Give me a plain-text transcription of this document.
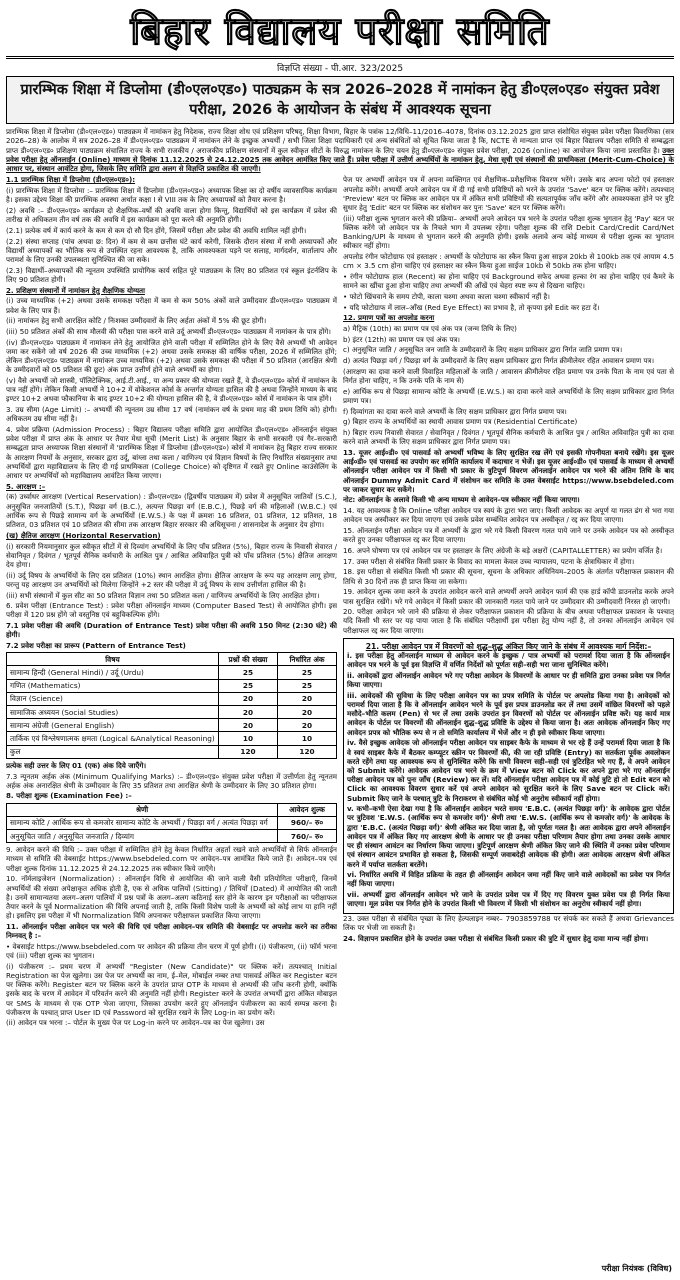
बिहार विद्यालय परीक्षा समिति
विज्ञप्ति संख्या - पी.आर. 323/2025
प्रारम्भिक शिक्षा में डिप्लोमा (डी०एल०एड०) पाठ्यक्रम के सत्र 2026–2028 में नामांकन हेतु डी०एल०एड० संयुक्त प्रवेश परीक्षा, 2026 के आयोजन के संबंध में आवश्यक सूचना
प्रारम्भिक शिक्षा में डिप्लोमा (डी०एल०एड०) पाठ्यक्रम में नामांकन हेतु निदेशक, राज्य शिक्षा शोध एवं प्रशिक्षण परिषद्, शिक्षा विभाग, बिहार के पत्रांक 12/विधि–11/2016–4078, दिनांक 03.12.2025 द्वारा प्राप्त संशोधित संयुक्त प्रवेश परीक्षा विवरणिका (सत्र 2026–28) के आलोक में सत्र 2026–28 में डी०एल०एड० पाठ्यक्रम में नामांकन लेने के इच्छुक अभ्यर्थी / सभी जिला शिक्षा पदाधिकारी एवं अन्य संबंधितों को सूचित किया जाता है कि, NCTE से मान्यता प्राप्त एवं बिहार विद्यालय परीक्षा समिति से सम्बद्धता प्राप्त डी०एल०एड० प्रशिक्षण पाठ्यक्रम संचालित राज्य के सभी राजकीय / अराजकीय प्रशिक्षण संस्थानों में कुल स्वीकृत सीटों के विरुद्ध नामांकन के लिए चयन हेतु डी०एल०एड० संयुक्त प्रवेश परीक्षा, 2026 (online) का आयोजन किया जाना प्रस्तावित है। उक्त प्रवेश परीक्षा हेतु ऑनलाईन (Online) माध्यम से दिनांक 11.12.2025 से 24.12.2025 तक आवेदन आमंत्रित किए जाते हैं। प्रवेश परीक्षा में उत्तीर्ण अभ्यर्थियों के नामांकन हेतु, मेधा सूची एवं संस्थानों की प्राथमिकता (Merit-Cum-Choice) के आधार पर, संस्थान आवंटित होगा, जिसके लिए समिति द्वारा अलग से विज्ञप्ति प्रकाशित की जाएगी।

1.1 प्रारम्भिक शिक्षा में डिप्लोमा (डी०एल०एड०):

(i) प्रारम्भिक शिक्षा में डिप्लोमा :– प्रारम्भिक शिक्षा में डिप्लोमा (डी०एल०एड०) अध्यापक शिक्षा का दो वर्षीय व्यावसायिक कार्यक्रम है। इसका उद्देश्य शिक्षा की प्रारम्भिक अवस्था अर्थात कक्षा I से VIII तक के लिए अध्यापकों को तैयार करना है।

(2) अवधि :– डी०एल०एड० कार्यक्रम दो शैक्षणिक–वर्षों की अवधि वाला होगा किन्तु, विद्यार्थियों को इस कार्यक्रम में प्रवेश की तारीख से अधिकतम तीन वर्ष तक की अवधि में इस कार्यक्रम को पूरा करने की अनुमति होगी।

(2.1) प्रत्येक वर्ष में कार्य करने के कम से कम दो सौ दिन होंगे, जिसमें परीक्षा और प्रवेश की अवधि शामिल नहीं होगी।

(2.2) संस्था सप्ताह (पांच अथवा छ: दिन) में कम से कम छत्तीस घंटे कार्य करेगी, जिसके दौरान संस्था में सभी अध्यापकों और विद्यार्थी अध्यापकों का भौतिक रूप से उपस्थित रहना आवश्यक है, ताकि आवश्यकता पड़ने पर सलाह, मार्गदर्शन, वार्तालाप और परामर्श के लिए उनकी उपलब्धता सुनिश्चित की जा सके।

(2.3) विद्यार्थी–अध्यापकों की न्यूनतम उपस्थिति प्रायोगिक कार्य सहित पूरे पाठ्यक्रम के लिए 80 प्रतिशत एवं स्कूल इंटर्नशिप के लिए 90 प्रतिशत होगी।

2. प्रशिक्षण संस्थानों में नामांकन हेतु शैक्षणिक योग्यता

(i) उच्च माध्यमिक (+2) अथवा उसके समकक्ष परीक्षा में कम से कम 50% अंकों वाले उम्मीदवार डी०एल०एड० पाठ्यक्रम में प्रवेश के लिए पात्र हैं।

(ii) नामांकन हेतु सभी आरक्षित कोटि / निःशक्त उम्मीदवारों के लिए अर्हता अंकों में 5% की छूट होगी।

(iii) 50 प्रतिशत अंकों की साथ मौलवी की परीक्षा पास करने वाले उर्दू अभ्यर्थी डी०एल०एड० पाठ्यक्रम में नामांकन के पात्र होंगे।

(iv) डी०एल०एड० पाठ्यक्रम में नामांकन लेने हेतु आयोजित होने वाली परीक्षा में सम्मिलित होने के लिए वैसे अभ्यर्थी भी आवेदन जमा कर सकेंगे जो वर्ष 2026 की उच्च माध्यमिक (+2) अथवा उसके समकक्ष की वार्षिक परीक्षा, 2026 में सम्मिलित होंगे; लेकिन डी०एल०एड० पाठ्यक्रम में नामांकन उच्च माध्यमिक (+2) अथवा उसके समकक्ष की परीक्षा में 50 प्रतिशत (आरक्षित श्रेणी के उम्मीदवारों को 05 प्रतिशत की छूट) अंक प्राप्त उत्तीर्ण होने वाले अभ्यर्थी का होगा।

(v) वैसे अभ्यर्थी जो शास्त्री, पॉलिटेक्निक, आई.टी.आई., या अन्य प्रकार की योग्यता रखते हैं, वे डी०एल०एड० कोर्स में नामांकन के पात्र नहीं होंगे। लेकिन किसी अभ्यर्थी ने 10+2 में वोकेशनल कोर्स के अन्तर्गत योग्यता हासिल की है अथवा जिन्होंने माध्यम के बाद इण्टर 10+2 अथवा फौकानिया के बाद इण्टर 10+2 की योग्यता हासिल की है, वे डी०एल०एड० कोर्स में नामांकन के पात्र होंगे।

3. उम्र सीमा (Age Limit) :– अभ्यर्थी की न्यूनतम उम्र सीमा 17 वर्ष (नामांकन वर्ष के प्रथम माह की प्रथम तिथि को) होगी। अधिकतम उम्र सीमा नहीं है।

4. प्रवेश प्रक्रिया (Admission Process) : बिहार विद्यालय परीक्षा समिति द्वारा आयोजित डी०एल०एड० ऑनलाईन संयुक्त प्रवेश परीक्षा में प्राप्त अंक के आधार पर तैयार मेधा सूची (Merit List) के अनुसार बिहार के सभी सरकारी एवं गैर–सरकारी सम्बद्धता प्राप्त अध्यापक शिक्षा संस्थानों में 'प्रारम्भिक शिक्षा में डिप्लोमा (डी०एल०एड०) कोर्स में नामांकन हेतु बिहार राज्य सरकार के आरक्षण नियमों के अनुसार, सरकार द्वारा उर्दू, बांग्ला तथा कला / वाणिज्य एवं विज्ञान विषयों के लिए निर्धारित संख्यानुसार तथा अभ्यर्थियों द्वारा महाविद्यालय के लिए दी गई प्राथमिकता (College Choice) को दृष्टिगत में रखते हुए Online काउंसेलिंग के आधार पर अभ्यर्थियों को महाविद्यालय आवंटित किया जाएगा।

5. आरक्षण :–

(क) उर्ध्वाधर आरक्षण (Vertical Reservation) : डी०एल०एड० (द्विवर्षीय पाठ्यक्रम में) प्रवेश में अनुसूचित जातियों (S.C.), अनुसूचित जनजातियों (S.T.), पिछड़ा वर्ग (B.C.), अत्यन्त पिछड़ा वर्ग (E.B.C.), पिछड़े वर्ग की महिलाओं (W.B.C.) एवं आर्थिक रूप से पिछड़े सामान्य वर्ग के अभ्यर्थियों (E.W.S.) के पक्ष में क्रमशः 16 प्रतिशत, 01 प्रतिशत, 12 प्रतिशत, 18 प्रतिशत, 03 प्रतिशत एवं 10 प्रतिशत की सीमा तक आरक्षण बिहार सरकार की अधिसूचना / शासनादेश के अनुसार देय होगा।

(ख) क्षैतिज आरक्षण (Horizontal Reservation)

(i) सरकारी नियमानुसार कुल स्वीकृत सीटों में से दिव्यांग अभ्यर्थियों के लिए पाँच प्रतिशत (5%), बिहार राज्य के निवासी सेवारत / सेवानिवृत / दिवंगत / भूतपूर्व सैनिक कर्मचारी के आश्रित पुत्र / आश्रित अविवाहित पुत्री को पाँच प्रतिशत (5%) क्षैतिज आरक्षण देय होगा।

(ii) उर्दू विषय के अभ्यर्थियों के लिए दस प्रतिशत (10%) स्थान आरक्षित होगा। क्षैतिज आरक्षण के रूप यह आरक्षण लागू होगा, परन्तु यह आरक्षण उन अभ्यर्थियों को मिलेगा जिन्होंने +2 स्तर की परीक्षा में उर्दू विषय के साथ उत्तीर्णता हासिल की है।

(iii) सभी संस्थानों में कुल सीट का 50 प्रतिशत विज्ञान तथा 50 प्रतिशत कला / वाणिज्य अभ्यर्थियों के लिए आरक्षित होगा।

6. प्रवेश परीक्षा (Entrance Test) : प्रवेश परीक्षा ऑनलाईन माध्यम (Computer Based Test) से आयोजित होगी। इस परीक्षा में 120 प्रश्न होंगे जो वस्तुनिष्ठ एवं बहुविकल्पिक होंगे।

7.1 प्रवेश परीक्षा की अवधि (Duration of Entrance Test) प्रवेश परीक्षा की अवधि 150 मिनट (2:30 घंटे) की होगी।

7.2 प्रवेश परीक्षा का प्रारूप (Pattern of Entrance Test)

विषय	प्रश्नों की संख्या	निर्धारित अंक
सामान्य हिन्दी (General Hindi) / उर्दू (Urdu)	25	25
गणित (Mathematics)	25	25
विज्ञान (Science)	20	20
सामाजिक अध्ययन (Social Studies)	20	20
सामान्य अंग्रेजी (General English)	20	20
तार्किक एवं विश्लेषणात्मक क्षमता (Logical &Analytical Reasoning)	10	10
कुल	120	120

प्रत्येक सही उत्तर के लिए 01 (एक) अंक दिये जाएँगे।

7.3 न्यूनतम अर्हक अंक (Minimum Qualifying Marks) :– डी०एल०एड० संयुक्त प्रवेश परीक्षा में उत्तीर्णता हेतु न्यूनतम अर्हक अंक अनारक्षित श्रेणी के उम्मीदवार के लिए 35 प्रतिशत तथा आरक्षित श्रेणी के उम्मीदवार के लिए 30 प्रतिशत होगा।

8. परीक्षा शुल्क (Examination Fee) :–

श्रेणी	आवेदन शुल्क
सामान्य कोटि / आर्थिक रूप से कमजोर सामान्य कोटि के अभ्यर्थी / पिछड़ा वर्ग / अत्यंत पिछड़ा वर्ग	960/– रु०
अनुसूचित जाति / अनुसूचित जनजाति / दिव्यांग	760/– रु०

9. आवेदन करने की विधि :– उक्त परीक्षा में सम्मिलित होने हेतु केवल निर्धारित अहर्ता रखने वाले अभ्यर्थियों से सिर्फ ऑनलाईन माध्यम से समिति की वेबसाईट https://www.bsebdeled.com पर आवेदन–पत्र आमंत्रित किये जाते हैं। आवेदन–पत्र एवं परीक्षा शुल्क दिनांक 11.12.2025 से 24.12.2025 तक स्वीकार किये जाएँगे।

10. नॉर्मलाइजेशन (Normalization) : ऑनलाईन विधि से आयोजित की जाने वाली वैसी प्रतियोगिता परीक्षाएँ, जिनमें अभ्यर्थियों की संख्या अपेक्षाकृत अधिक होती है, एक से अधिक पालियों (Sitting) / तिथियों (Dated) में आयोजित की जाती है। उनमें सामान्यतया अलग–अलग पालियों में प्रश्न पत्रों के अलग–अलग कठिनाई स्तर होने के कारण इन परीक्षाओं का परीक्षाफल तैयार करने के पूर्व Normalization की विधि अपनाई जाती है, ताकि किसी विशेष पाली के अभ्यर्थी को कोई लाभ या हानि नहीं हो। इसलिए इस परीक्षा में भी Normalization विधि अपनाकर परीक्षाफल प्रकाशित किया जाएगा।

11. ऑनलाईन परीक्षा आवेदन पत्र भरने की विधि एवं परीक्षा आवेदन–पत्र समिति की वेबसाईट पर अपलोड करने का तरीका निम्नवत् है :–

• वेबसाईट https://www.bsebdeled.com पर आवेदन की प्रक्रिया तीन चरण में पूर्ण होगी। (i) पंजीकरण, (ii) फॉर्म भरना एवं (iii) परीक्षा शुल्क का भुगतान।

(i) पंजीकरण :– प्रथम चरण में अभ्यर्थी "Register (New Candidate)" पर क्लिक करें। तत्पश्चात् Initial Registration का पेज खुलेगा। उस पेज पर अभ्यर्थी का नाम, ई–मेल, मोबाईल नम्बर तथा पासवर्ड अंकित कर Register बटन पर क्लिक करेंगे। Register बटन पर क्लिक करने के उपरांत प्राप्त OTP के माध्यम से अभ्यर्थी की जाँच करनी होगी, क्योंकि इसके बाद के चरण में आवेदन में परिवर्तन करने की अनुमति नहीं होगी। Register करने के उपरांत अभ्यर्थी द्वारा अंकित मोबाइल पर SMS के माध्यम से एक OTP भेजा जाएगा, जिसका उपयोग करते हुए ऑनलाईन पंजीकरण का कार्य सम्पन्न करना है। पंजीकरण के पश्चात् प्राप्त User ID एवं Password को सुरक्षित रखने के लिए Log-in का प्रयोग करें।

(ii) आवेदन पत्र भरना :– पोर्टल के मुख्य पेज पर Log-in करने पर आवेदन–पत्र का पेज खुलेगा। उस

पेज पर अभ्यर्थी आवेदन पत्र में अपना व्यक्तिगत एवं शैक्षणिक–प्रशैक्षणिक विवरण भरेंगे। उसके बाद अपना फोटो एवं हस्ताक्षर अपलोड करेंगे। अभ्यर्थी अपने आवेदन पत्र में दी गई सभी प्रविष्टियों को भरने के उपरांत 'Save' बटन पर क्लिक करेंगे। तत्पश्चात् 'Preview' बटन पर क्लिक कर आवेदन पत्र में अंकित सभी प्रविष्टियों की सत्यतापूर्वक जाँच करेंगे और आवश्यकता होने पर त्रुटि सुधार हेतु 'Edit' बटन पर क्लिक कर संशोधन कर पुनः 'Save' बटन पर क्लिक करेंगे।

(iii) परीक्षा शुल्क भुगतान करने की प्रक्रिया– अभ्यर्थी अपने आवेदन पत्र भरने के उपरांत परीक्षा शुल्क भुगतान हेतु 'Pay' बटन पर क्लिक करेंगे जो आवेदन पत्र के निचले भाग में उपलब्ध रहेगा। परीक्षा शुल्क की राशि Debit Card/Credit Card/Net Banking/UPI के माध्यम से भुगतान करने की अनुमति होगी। इसके अलावे अन्य कोई माध्यम से परीक्षा शुल्क का भुगतान स्वीकार नहीं होगा।

अपलोड रंगीन फोटोग्राफ एवं हस्ताक्षर : अभ्यर्थी के फोटोग्राफ का स्कैन किया हुआ साइज 20kb से 100kb तक एवं आयाम 4.5 cm × 3.5 cm होना चाहिए एवं हस्ताक्षर का स्कैन किया हुआ साईज 10kb से 50kb तक होना चाहिए।

• रंगीन फोटोग्राफ हाल (Recent) का होना चाहिए एवं Background सफेद अथवा हल्का रंग का होना चाहिए एवं कैमरे के सामने का खींचा हुआ होना चाहिए तथा अभ्यर्थी की आँखें एवं चेहरा स्पष्ट रूप से दिखना चाहिए।

• फोटो खिंचवाने के समय टोपी, काला चश्मा अथवा काला चश्मा स्वीकार्य नहीं है।

• यदि फोटोग्राफ में लाल–आँख (Red Eye Effect) का प्रभाव है, तो कृपया इसे Edit कर हटा दें।

12. प्रमाण पत्रों का अपलोड करना

a) मैट्रिक (10th) का प्रमाण पत्र एवं अंक पत्र (जन्म तिथि के लिए)

b) इंटर (12th) का प्रमाण पत्र एवं अंक पत्र।

c) अनुसूचित जाति / अनुसूचित जन जाति के उम्मीदवारों के लिए सक्षम प्राधिकार द्वारा निर्गत जाति प्रमाण पत्र।

d) अत्यंत पिछड़ा वर्ग / पिछड़ा वर्ग के उम्मीदवारों के लिए सक्षम प्राधिकार द्वारा निर्गत क्रीमीलेयर रहित आवासन प्रमाण पत्र।

(आरक्षण का दावा करने वाली विवाहित महिलाओं के जाति / आवासन क्रीमीलेयर रहित प्रमाण पत्र उनके पिता के नाम एवं पता से निर्गत होना चाहिए, न कि उनके पति के नाम से)

e) आर्थिक रूप से पिछड़ा सामान्य कोटि के अभ्यर्थी (E.W.S.) का दावा करने वाले अभ्यर्थियों के लिए सक्षम प्राधिकार द्वारा निर्गत प्रमाण पत्र।

f) दिव्यांगता का दावा करने वाले अभ्यर्थी के लिए सक्षम प्राधिकार द्वारा निर्गत प्रमाण पत्र।

g) बिहार राज्य के अभ्यर्थियों का स्थायी आवास प्रमाण पत्र (Residential Certificate)

h) बिहार राज्य निवासी सेवारत / सेवानिवृत / दिवंगत / भूतपूर्व सैनिक कर्मचारी के आश्रित पुत्र / आश्रित अविवाहित पुत्री का दावा करने वाले अभ्यर्थी के लिए सक्षम प्राधिकार द्वारा निर्गत प्रमाण पत्र।

13. यूजर आई०डी० एवं पासवर्ड को अभ्यर्थी भविष्य के लिए सुरक्षित रख लेंगे एवं इसकी गोपनीयता बनाये रखेंगे। इस यूजर आई०डी० एवं पासवर्ड का उपयोग कर समिति कार्यालय में कदाचार न भेजें। इस यूजर आई०डी० एवं पासवर्ड के माध्यम से अभ्यर्थी ऑनलाईन परीक्षा आवेदन पत्र में किसी भी प्रकार के त्रुटिपूर्ण विवरण ऑनलाईन आवेदन पत्र भरने की अंतिम तिथि के बाद ऑनलाईन Dummy Admit Card में संशोधन कर समिति के उक्त वेबसाईट https://www.bsebdeled.com पर जाकर सुधार कर सकेंगे।

नोट: ऑनलाईन के अलावे किसी भी अन्य माध्यम से आवेदन–पत्र स्वीकार नहीं किया जाएगा।

14. यह आवश्यक है कि Online परीक्षा आवेदन पत्र स्वयं के द्वारा भरा जाए। किसी आवेदक का अपूर्ण या गलत ढंग से भरा गया आवेदन पत्र अस्वीकार कर दिया जाएगा एवं उसके प्रवेश सम्बंधित आवेदन पत्र अस्वीकृत / रद्द कर दिया जाएगा।

15. ऑनलाईन परीक्षा आवेदन पत्र में अभ्यर्थी के द्वारा भरे गये किसी विवरण गलत पाये जाने पर उनके आवेदन पत्र को अस्वीकृत करते हुए उनका परीक्षाफल रद्द कर दिया जाएगा।

16. अपने घोषणा पत्र एवं आवेदन पत्र पर हस्ताक्षर के लिए अंग्रेजी के बड़े अक्षरों (CAPITALLETTER) का प्रयोग वर्जित है।

17. उक्त परीक्षा से संबंधित किसी प्रकार के विवाद का मामला केवल उच्च न्यायालय, पटना के क्षेत्राधिकार में होगा।

18. इस परीक्षा से संबंधित किसी भी प्रकार की सूचना, सूचना के अधिकार अधिनियम–2005 के अंतर्गत परीक्षाफल प्रकाशन की तिथि से 30 दिनों तक ही प्राप्त किया जा सकेगा।

19. आवेदन शुल्क जमा करने के उपरांत आवेदन करने वाले अभ्यर्थी अपने आवेदन फार्म की एक हार्ड कॉपी डाउनलोड करके अपने पास सुरक्षित रखेंगे। भरे गये आवेदन में किसी प्रकार की जानकारी गलत पाये जाने पर उम्मीदवार की उम्मीदवारी निरस्त हो जाएगी।

20. परीक्षा आवेदन भरे जाने की प्रक्रिया से लेकर परीक्षाफल प्रकाशन की प्रक्रिया के बीच अथवा परीक्षाफल प्रकाशन के पश्चात् यदि किसी भी स्तर पर यह पाया जाता है कि संबंधित परीक्षार्थी इस परीक्षा हेतु योग्य नहीं है, तो उनका ऑनलाईन आवेदन एवं परीक्षाफल रद्द कर दिया जाएगा।

21. परीक्षा आवेदन पत्र में विवरणों को शुद्ध–शुद्ध अंकित किए जाने के संबंध में आवश्यक मार्ग निर्देश:–

i. इस परीक्षा हेतु ऑनलाईन माध्यम से आवेदन करने के इच्छुक / पात्र अभ्यर्थी को परामर्श दिया जाता है कि ऑनलाईन आवेदन पत्र भरने के पूर्व इस विज्ञप्ति में वर्णित निर्देशों को पूर्णतः सही–सही भरा जाना सुनिश्चित करेंगे।

ii. आवेदकों द्वारा ऑनलाईन आवेदन भरे गए परीक्षा आवेदन के विवरणों के आधार पर ही समिति द्वारा उनका प्रवेश पत्र निर्गत किया जाएगा।

iii. आवेदकों की सुविधा के लिए परीक्षा आवेदन पत्र का प्रपत्र समिति के पोर्टल पर अपलोड किया गया है। आवेदकों को परामर्श दिया जाता है कि वे ऑनलाईन आवेदन भरने के पूर्व इस प्रपत्र डाउनलोड कर लें तथा उसमें वांछित विवरणों को पहले मसौदे–भौति कलम (Pen) से भर लें तथा उसके उपरांत इन विवरणों को पोर्टल पर ऑनलाईन प्रविष्ट करें। यह कार्य मात्र आवेदन के पोर्टल पर विवरणों की ऑनलाईन शुद्ध–शुद्ध प्रविष्टि के उद्देश्य से किया जाना है। अतः आवेदक ऑनलाईन किए गए आवेदन प्रपत्र को भौतिक रूप से न तो समिति कार्यालय में भेजें और न ही इसे स्वीकार किया जाएगा।

iv. वैसे इच्छुक आवेदक जो ऑनलाईन परीक्षा आवेदन पत्र साइबर कैफे के माध्यम से भर रहे हैं उन्हें परामर्श दिया जाता है कि वे स्वयं साइबर कैफे में बैठकर कम्प्यूटर स्क्रीन पर विवरणों की, की जा रही प्रविष्टि (Entry) का सतर्कता पूर्वक अवलोकन करते रहेंगे तथा यह आवश्यक रूप से सुनिश्चित करेंगे कि सभी विवरण सही–सही एवं त्रुटिरहित भरे गए हैं, वे अपने आवेदन को Submit करेंगे। आवेदक आवेदन पत्र भरने के क्रम में View बटन को Click कर अपने द्वारा भरे गए ऑनलाईन परीक्षा आवेदन पत्र को पुनः जाँच (Review) कर लें। यदि ऑनलाईन परीक्षा आवेदन पत्र में कोई त्रुटि हो तो Edit बटन को Click का आवश्यक विवरण सुधार करें एवं अपने आवेदन को सुरक्षित करने के लिए Save बटन पर Click करें। Submit किए जाने के पश्चात् त्रुटि के निराकरण से संबंधित कोई भी अनुरोध स्वीकार्य नहीं होगा।

v. कभी–कभी ऐसा देखा गया है कि ऑनलाईन आवेदन भरते समय 'E.B.C. (अत्यंत पिछड़ा वर्ग)' के आवेदक द्वारा पोर्टल पर त्रुटिवश 'E.W.S. (आर्थिक रूप से कमजोर वर्ग)' श्रेणी तथा 'E.W.S. (आर्थिक रूप से कमजोर वर्ग)' के आवेदक के द्वारा 'E.B.C. (अत्यंत पिछड़ा वर्ग)' श्रेणी अंकित कर दिया जाता है, जो पूर्णतः गलत है। अतः आवेदक द्वारा अपने ऑनलाईन आवेदन पत्र में अंकित किए गए आरक्षण श्रेणी के आधार पर ही उनका परीक्षा परिणाम तैयार होगा तथा उनका उसके आधार पर ही संस्थान आवंटन का निर्धारण किया जाएगा। त्रुटिपूर्ण आरक्षण श्रेणी अंकित किए जाने की स्थिति में उनका प्रवेश परिणाम एवं संस्थान आवंटन प्रभावित हो सकता है, जिसकी सम्पूर्ण जवाबदेही आवेदक की होगी। अतः आवेदक आरक्षण श्रेणी अंकित करने में पर्याप्त सतर्कता बरतेंगे।

vi. निर्धारित अवधि में विहित प्रक्रिया के तहत ही ऑनलाईन आवेदन जमा नहीं किए जाने वाले आवेदकों का प्रवेश पत्र निर्गत नहीं किया जाएगा।

vii. अभ्यर्थी द्वारा ऑनलाईन आवेदन भरे जाने के उपरांत प्रवेश पत्र में दिए गए विवरण युक्त प्रवेश पत्र ही निर्गत किया जाएगा। मूल प्रवेश पत्र निर्गत होने के उपरांत किसी भी विवरण में किसी भी संशोधन का अनुरोध स्वीकार्य नहीं होगा।

23. उक्त परीक्षा से संबंधित पृच्छा के लिए हेल्पलाइन नम्बर– 7903859788 पर संपर्क कर सकते हैं अथवा Grievances लिंक पर भेजी जा सकती है।

24. विज्ञापन प्रकाशित होने के उपरांत उक्त परीक्षा से संबंधित किसी प्रकार की त्रुटि में सुधार हेतु दावा मान्य नहीं होगा।

परीक्षा नियंत्रक (विविध)
